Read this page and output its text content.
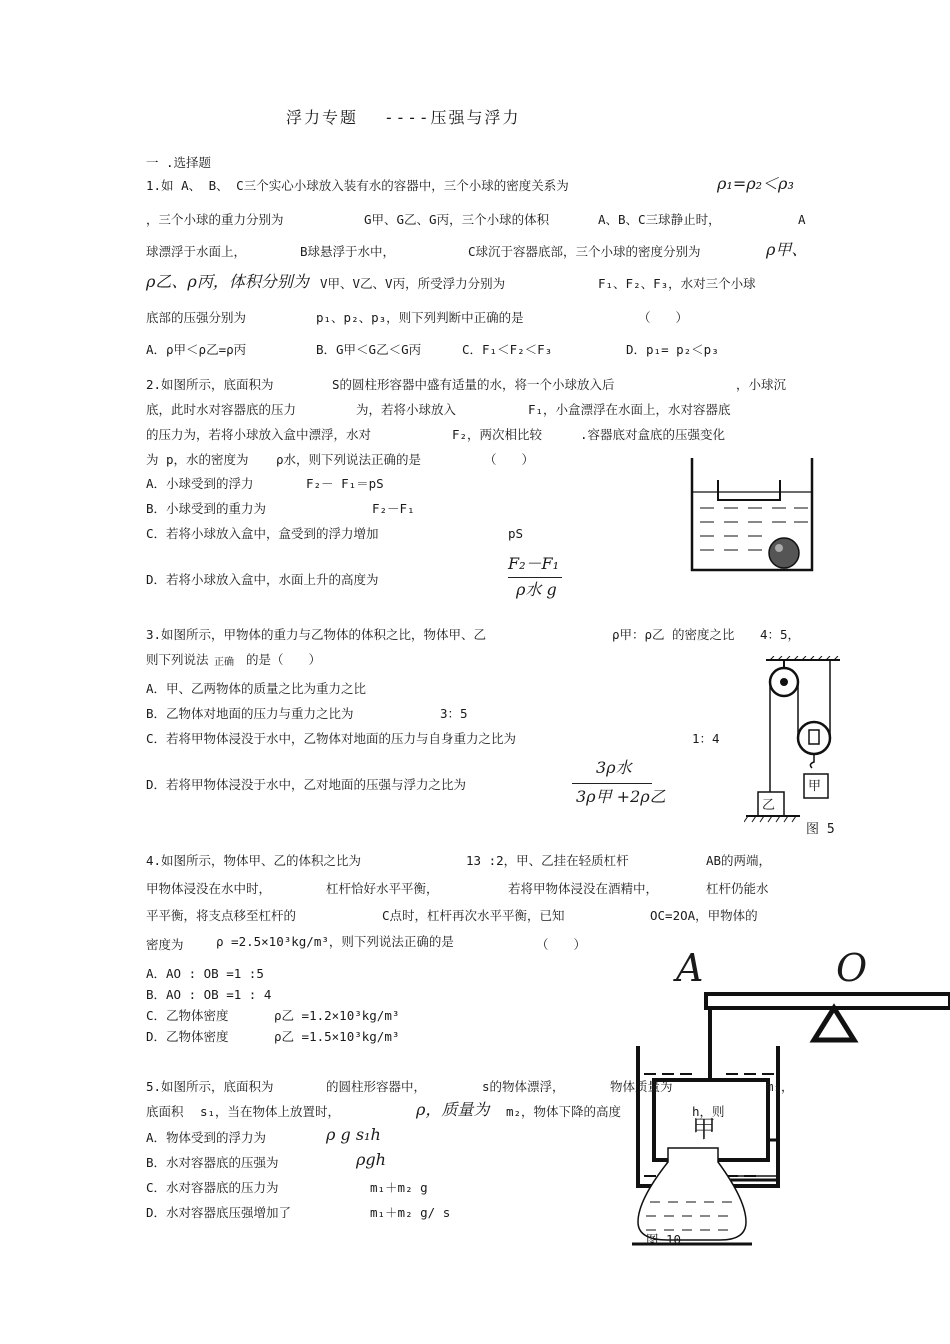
浮力专题 ----压强与浮力
一 .选择题
1.如 A、 B、 C三个实心小球放入装有水的容器中，三个小球的密度关系为	ρ₁=ρ₂＜ρ₃
，三个小球的重力分别为	G甲、G乙、G丙，三个小球的体积	A、B、C三球静止时，	A
球漂浮于水面上，	B球悬浮于水中，	C球沉于容器底部，三个小球的密度分别为	ρ甲、
ρ乙、ρ丙，体积分别为 V甲、V乙、V丙，所受浮力分别为	F₁、F₂、F₃，水对三个小球
底部的压强分别为	p₁、p₂、p₃，则下列判断中正确的是	（　　）
A．ρ甲＜ρ乙=ρ丙	B．G甲＜G乙＜G丙	C．F₁＜F₂＜F₃	D．p₁= p₂＜p₃
2.如图所示，底面积为	S的圆柱形容器中盛有适量的水，将一个小球放入后	，小球沉
底，此时水对容器底的压力	为，若将小球放入	F₁，小盒漂浮在水面上，水对容器底
的压力为，若将小球放入盒中漂浮，水对	F₂，两次相比较	.容器底对盒底的压强变化
为 p，水的密度为 ρ水，则下列说法正确的是	（　　）
A．小球受到的浮力	F₂－ F₁＝pS
B．小球受到的重力为	F₂－F₁
C．若将小球放入盒中，盒受到的浮力增加	pS
D．若将小球放入盒中，水面上升的高度为
F₂－F₁
ρ水 g
3.如图所示，甲物体的重力与乙物体的体积之比，物体甲、乙	ρ甲：ρ乙 的密度之比 4：5，
则下列说法 正确 的是（　　）
A．甲、乙两物体的质量之比为重力之比
B．乙物体对地面的压力与重力之比为	3：5
C．若将甲物体浸没于水中，乙物体对地面的压力与自身重力之比为	1：4
D．若将甲物体浸没于水中，乙对地面的压强与浮力之比为
3ρ水
3ρ甲 +2ρ乙
甲
乙
图 5
4.如图所示，物体甲、乙的体积之比为	13 :2，甲、乙挂在轻质杠杆	AB的两端，
甲物体浸没在水中时，	杠杆恰好水平平衡，	若将甲物体浸没在酒精中，	杠杆仍能水
平平衡，将支点移至杠杆的	C点时，杠杆再次水平平衡，已知	OC=2OA，甲物体的
密度为	ρ =2.5×10³kg/m³，则下列说法正确的是	（　　）
A．AO : OB =1 :5
B．AO : OB =1 : 4
C．乙物体密度	ρ乙 =1.2×10³kg/m³
D．乙物体密度	ρ乙 =1.5×10³kg/m³
A	O
甲
5.如图所示，底面积为	的圆柱形容器中，	s的物体漂浮，	物体质量为	m₁，
底面积 s₁，当在物体上放置时，	ρ，质量为 m₂，物体下降的高度	h，则
A．物体受到的浮力为	ρ g s₁h
B．水对容器底的压强为	ρgh
C．水对容器底的压力为	m₁＋m₂ g
D．水对容器底压强增加了	m₁＋m₂ g/ s
图 10
